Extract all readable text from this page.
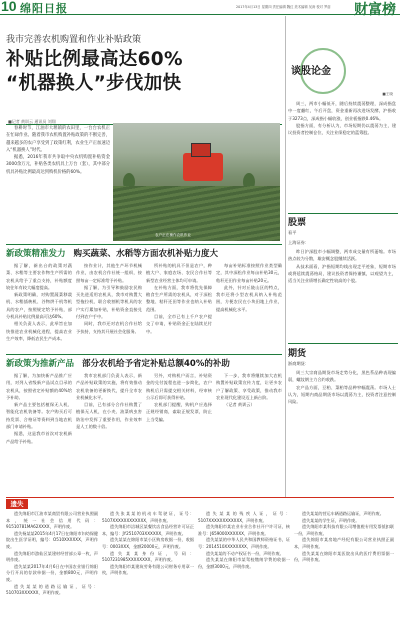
10 绵阳日报	2017年4月13日 星期四 责任编辑 魏红 美术编辑 吴涛 校对 罗蓓 财富榜
我市完善农机购置和作业补贴政策
补贴比例最高达60%
“机器换人”步伐加快
■记者 黄训云 通讯员 刘翔

春耕时节，江油市大堰镇的农田里，一台台农机正在忙碌作业。随着我市农机购置补贴政策的不断完善，越来越多的农户享受到了政策红利，农业生产正加速迈入“机器换人”时代。

据悉，2016年我市共争取中央农机购置补贴资金3000余万元，补贴各类农机具上万台（套），其中部分机具补贴比例最高达到购机价格的60%。

农户正在操作农机作业
新政策精准发力 购买蔬菜、水稻等方面农机补贴力度大

据了解，新出台的政策对蔬菜、水稻等主要农作物生产所需的农机具给予了重点支持，补贴额度较往年有较大幅度提高。

新政策明确，对购置蔬菜移栽机、水稻插秧机、谷物烘干机等机具的农户，按照规定给予补贴，部分机具补贴比例最高可达60%。

相关负责人表示，此举旨在加快推进农业机械化进程，提高农业生产效率，降低农民生产成本。

按作业计，其他生产环节机械作业，由农机合作社统一组织，按照每亩一定标准给予补贴。

据了解，为引导和鼓励农民购买先进适用农机具，我市对购置大型拖拉机、联合收割机等机具的农户实行累加补贴，补贴资金直接兑付到农户手中。

同时，我市还对农机合作社给予扶持，支持其开展社会化服务。

所补贴的机具不但是农户，种植大户、家庭农场、农民合作社等新型农业经营主体均可申请。

在补贴方面，我市将优先保障粮食生产所需的农机具，对于深松整地、秸秆还田等作业也纳入补贴范围。

目前，全市已有上千户农户提交了申请，补贴资金正在陆续兑付中。

每亩补贴标准按照作业类型确定，其中深松作业每亩补贴30元，秸秆还田作业每亩补贴20元。

此外，针对丘陵山区的特点，我市还将小型农机具纳入补贴范围，方便农民在小块田地上作业，提高机械化水平。

新政策为推新产品 部分农机给予省定补贴总额40%的补助

据了解，为加快新产品推广应用，对列入省级新产品试点目录的农机具，按照省定补贴额的40%给予补助。

新产品主要包括植保无人机、智能化农机装备等。农户购买后可持发票、合格证等资料到当地农机部门申请补贴。

据悉，这是我市首次对农机新产品给予补贴。

我市农机部门负责人表示，新产品补贴政策的实施，将有效推动农机装备的更新换代，提升全市农业机械化水平。

目前，已有部分合作社购置了植保无人机，在小麦、油菜病虫害防治中发挥了重要作用，作业效率是人工的数十倍。

另外，对购机户而言，补贴资金的兑付流程也进一步简化，农户购机后只需提交相关材料，经审核公示后即可获得补贴。

农机部门提醒，购机户应选择正规经销商，索取正规发票，防止上当受骗。

下一步，我市将继续加大农机购置补贴政策宣传力度，让更多农户了解政策、享受政策，推动我市农业现代化建设迈上新台阶。

（记者 黄训云）

谈股论金
■王晓

周三，两市小幅低开，随后持续震荡整理，深成指盘中一度翻红，午后开盘，资金重新再次进场发酵，沪指收于3273点，深成指小幅收涨，创业板指跌0.46%。

股指方面，有分析认为，市场短期仍以震荡为主，建议投资者控制仓位，关注业绩稳定的蓝筹股。

股票
看平
上海证券：

昨日沪深股市小幅调整，两市成交量有所萎缩。市场热点较为分散，雄安概念股继续活跃。

从技术面看，沪指短期均线出现走平迹象，短期市场或将延续震荡格局，建议投资者保持谨慎，以观望为主，适当关注业绩增长确定性较高的个股。

期货
浙商期货：

周三大宗商品期货市场走势分化，黑色系品种表现偏弱，螺纹钢主力合约收跌。

农产品方面，豆粕、菜粕等品种窄幅震荡。市场人士认为，短期内商品期货市场以震荡为主，投资者注意控制风险。

遗失

遗失绵阳市江油市某商贸有限公司营业执照副本，统一社会信用代码：91510781MA62XXXX，声明作废。

遗失杨某某2015年4月17日在绵阳市妇幼保健院出生医学证明，编号：O510XXXXXX，声明作废。

遗失绵阳市游仙区某建材经营部公章一枚，声明作废。

遗失某某2017年4月6日在中国农业银行绵阳分行开具的存款单据一份，金额800元，声明作废。

遗失某某的道路运输证，证号：510703XXXXXX，声明作废。

遗失张某某的机动车驾驶证，证号：5107XXXXXXXXXXXX，声明作废。

遗失绵阳市涪城区某餐饮店食品经营许可证正本，编号：JY2510703XXXXXX，声明作废。

遗失某某在绵阳市某小区购房收据一份，收据号：0003XXX，金额20000元，声明作废。

遗失某某身份证，号码：5107231985XXXXXXXX，声明作废。

遗失绵阳市某建筑劳务有限公司财务专用章一枚，声明作废。

遗失某某的残疾人证，证号：5107XXXXXXXXXXXX，声明作废。

遗失绵阳市某农业专业合作社开户许可证，核准号：J659000XXXXXX，声明作废。

遗失某某的中华人民共和国教师资格证书，证号：2014510XXXXXXXX，声明作废。

遗失某某的不动产权证书一份，声明作废。

遗失某某在绵阳市某驾校缴纳学费的收据一份，金额3000元，声明作废。

遗失某某的营运车辆道路运输证，声明作废。

遗失某某的学生证，声明作废。

遗失绵阳市某科技有限公司增值税专用发票抵扣联一份，声明作废。

遗失绵阳市某房地产经纪有限公司营业执照正副本，声明作废。

遗失某某在绵阳市某医院出具的医疗费用票据一份，声明作废。
